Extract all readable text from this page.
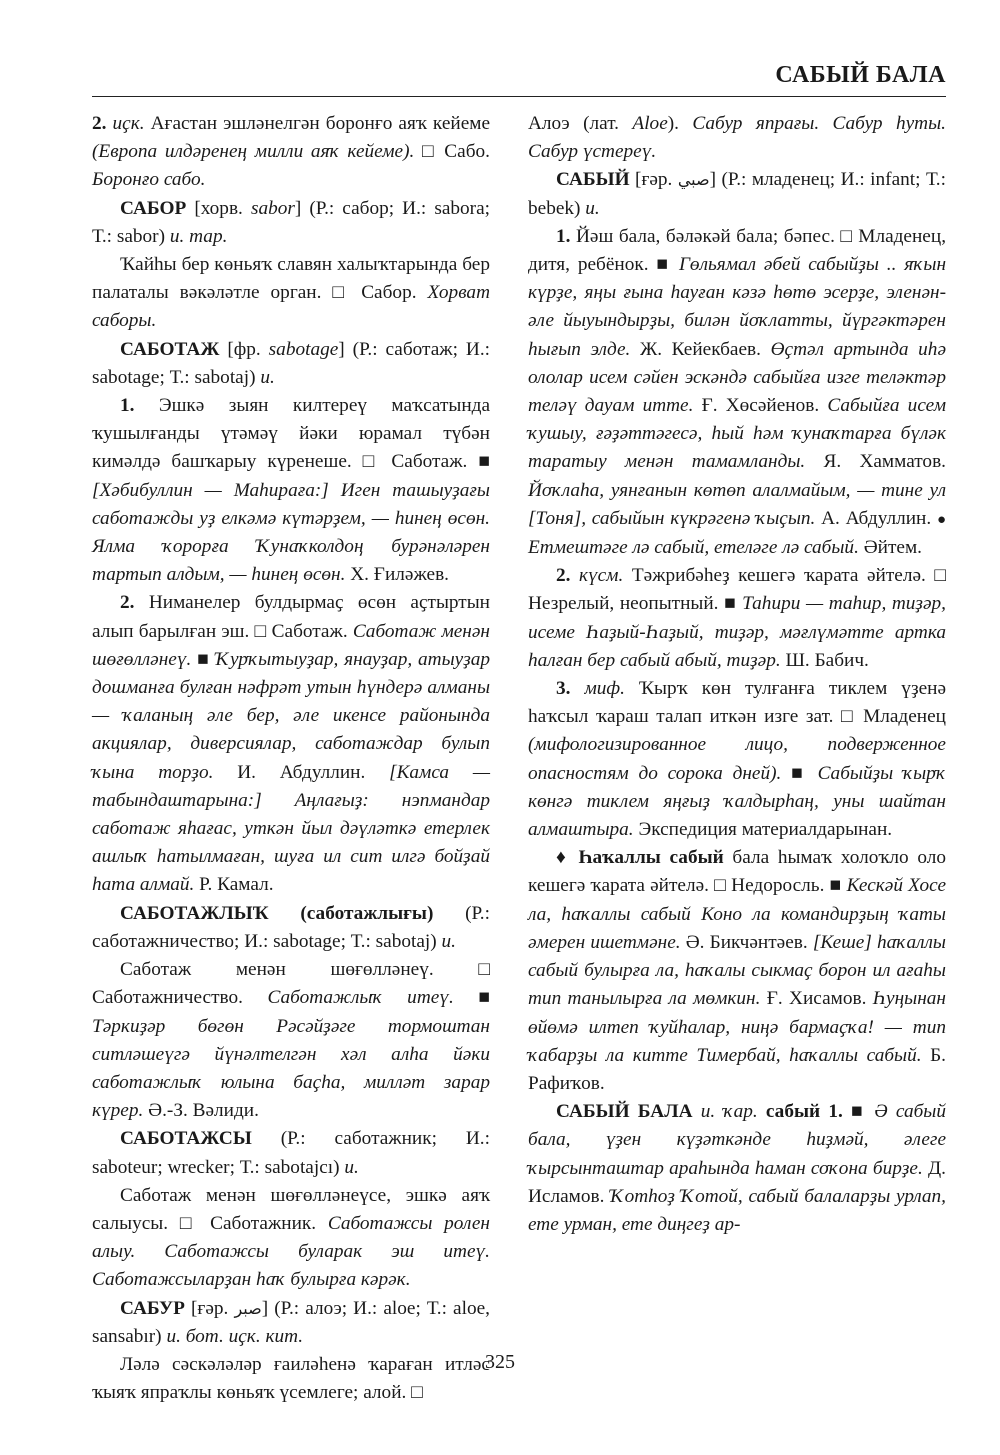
САБЫЙ БАЛА

2. иҫк. Ағастан эшләнелгән боронғо аяҡ кейеме (Европа илдәренең милли аяҡ кейеме). □ Сабо. Боронғо сабо.

САБОР [хорв. sabor] (Р.: сабор; И.: sabora; Т.: sabor) и. тар.

Ҡайһы бер көньяҡ славян халыҡтарында бер палаталы вәкәләтле орган. □ Сабор. Хорват саборы.

САБОТАЖ [фр. sabotage] (Р.: саботаж; И.: sabotage; Т.: sabotaj) и.

1. Эшкә зыян килтереү маҡсатында ҡушылғанды үтәмәү йәки юрамал түбән кимәлдә башҡарыу күренеше. □ Саботаж. ■ [Хәбибуллин — Маһираға:] Иген ташыуҙағы саботажды уҙ елкәмә күтәрҙем, — һинең өсөн. Ялма ҡорорға Ҡунаҡколдоң бурәнәләрен тартып алдым, — һинең өсөн. Х. Ғиләжев.

2. Ниманелер булдырмаҫ өсөн аҫтыртын алып барылған эш. □ Саботаж. Саботаж менән шөғөлләнеү. ■ Ҡурҡытыуҙар, янауҙар, атыуҙар дошманға булған нәфрәт утын һүндерә алманы — ҡаланың әле бер, әле икенсе районында акциялар, диверсиялар, саботаждар булып ҡына торҙо. И. Абдуллин. [Камса — табындаштарына:] Аңлағыҙ: нэпмандар саботаж яһағас, уткән йыл дәүләткә етерлек ашлыҡ һатылмаған, шуға ил сит илгә бойҙай һата алмай. Р. Камал.

САБОТАЖЛЫҠ (саботажлығы) (Р.: саботажничество; И.: sabotage; Т.: sabotaj) и.

Саботаж менән шөғөлләнеү. □ Саботажничество. Саботажлыҡ итеү. ■ Тәркиҙәр бөгөн Рәсәйҙәге тормоштан ситләшеүгә йүнәлтелгән хәл алһа йәки саботажлыҡ юлына баҫһа, милләт зарар күрер. Ә.-З. Вәлиди.

САБОТАЖСЫ (Р.: саботажник; И.: saboteur; wrecker; Т.: sabotajcı) и.

Саботаж менән шөғөлләнеүсе, эшкә аяҡ салыусы. □ Саботажник. Саботажсы ролен алыу. Саботажсы буларак эш итеү. Саботажсыларҙан һаҡ булырға кәрәк.

САБУР [ғәр. صبر] (Р.: алоэ; И.: aloe; Т.: aloe, sansabır) и. бот. иҫк. кит.

Ләлә сәскәләләр ғаиләһенә ҡараған итләс ҡыяҡ япраҡлы көньяҡ үсемлеге; алой. □

Алоэ (лат. Aloe). Сабур япрағы. Сабур һуты. Сабур үстереү.

САБЫЙ [ғәр. صبي] (Р.: младенец; И.: infant; Т.: bebek) и.

1. Йәш бала, бәләкәй бала; бәпес. □ Младенец, дитя, ребёнок. ■ Гөльямал әбей сабыйҙы .. яҡын күрҙе, яңы ғына һауған кәзә һөтө эсерҙе, эленән-әле йыуындырҙы, билән йоҡлатты, йүргәктәрен һығып элде. Ж. Кейекбаев. Өҫтәл артында иһә ололар исем сәйен эскәндә сабыйға изге теләктәр теләү дауам итте. Ғ. Хөсәйенов. Сабыйға исем ҡушыу, ғәҙәттәгесә, һый һәм ҡунаҡтарға бүләк таратыу менән тамамланды. Я. Хамматов. Йоҡлаһа, уянғанын көтөп алалмайым, — тине ул [Тоня], сабыйын күкрәгенә ҡыҫып. А. Абдуллин. ● Етмештәге лә сабый, етеләге лә сабый. Әйтем.

2. күсм. Тәжрибәһеҙ кешегә ҡарата әйтелә. □ Незрелый, неопытный. ■ Таһири — таһир, тиҙәр, исеме Һаҙый-Һаҙый, тиҙәр, мәғлүмәтте артка һалған бер сабый абый, тиҙәр. Ш. Бабич.

3. миф. Ҡырҡ көн тулғанға тиклем үҙенә һаҡсыл ҡараш талап иткән изге зат. □ Младенец (мифологизированное лицо, подверженное опасностям до сорока дней). ■ Сабыйҙы ҡырҡ көнгә тиклем яңғыҙ ҡалдырһаң, уны шайтан алмаштыра. Экспедиция материалдарынан.

♦ Һаҡаллы сабый бала һымаҡ холоҡло оло кешегә ҡарата әйтелә. □ Недоросль. ■ Кескәй Хосе ла, һаҡаллы сабый Коно ла командирҙың ҡаты әмерен ишетмәне. Ә. Бикчәнтәев. [Кеше] һаҡаллы сабый булырға ла, һаҡалы сыкмаҫ борон ил ағаһы тип танылырға ла мөмкин. Ғ. Хисамов. Һуңынан өйөмә илтеп ҡуйһалар, ниңә бармаҫҡа! — тип ҡабарҙы ла китте Тимербай, һаҡаллы сабый. Б. Рафиҡов.

САБЫЙ БАЛА и. ҡар. сабый 1. ■ Ә сабый бала, үҙен күҙәткәнде һиҙмәй, әлеге ҡырсынташтар араһында һаман соҡона бирҙе. Д. Исламов. Ҡотһоҙ Ҡотой, сабый балаларҙы урлап, ете урман, ете диңгеҙ ар-

325
